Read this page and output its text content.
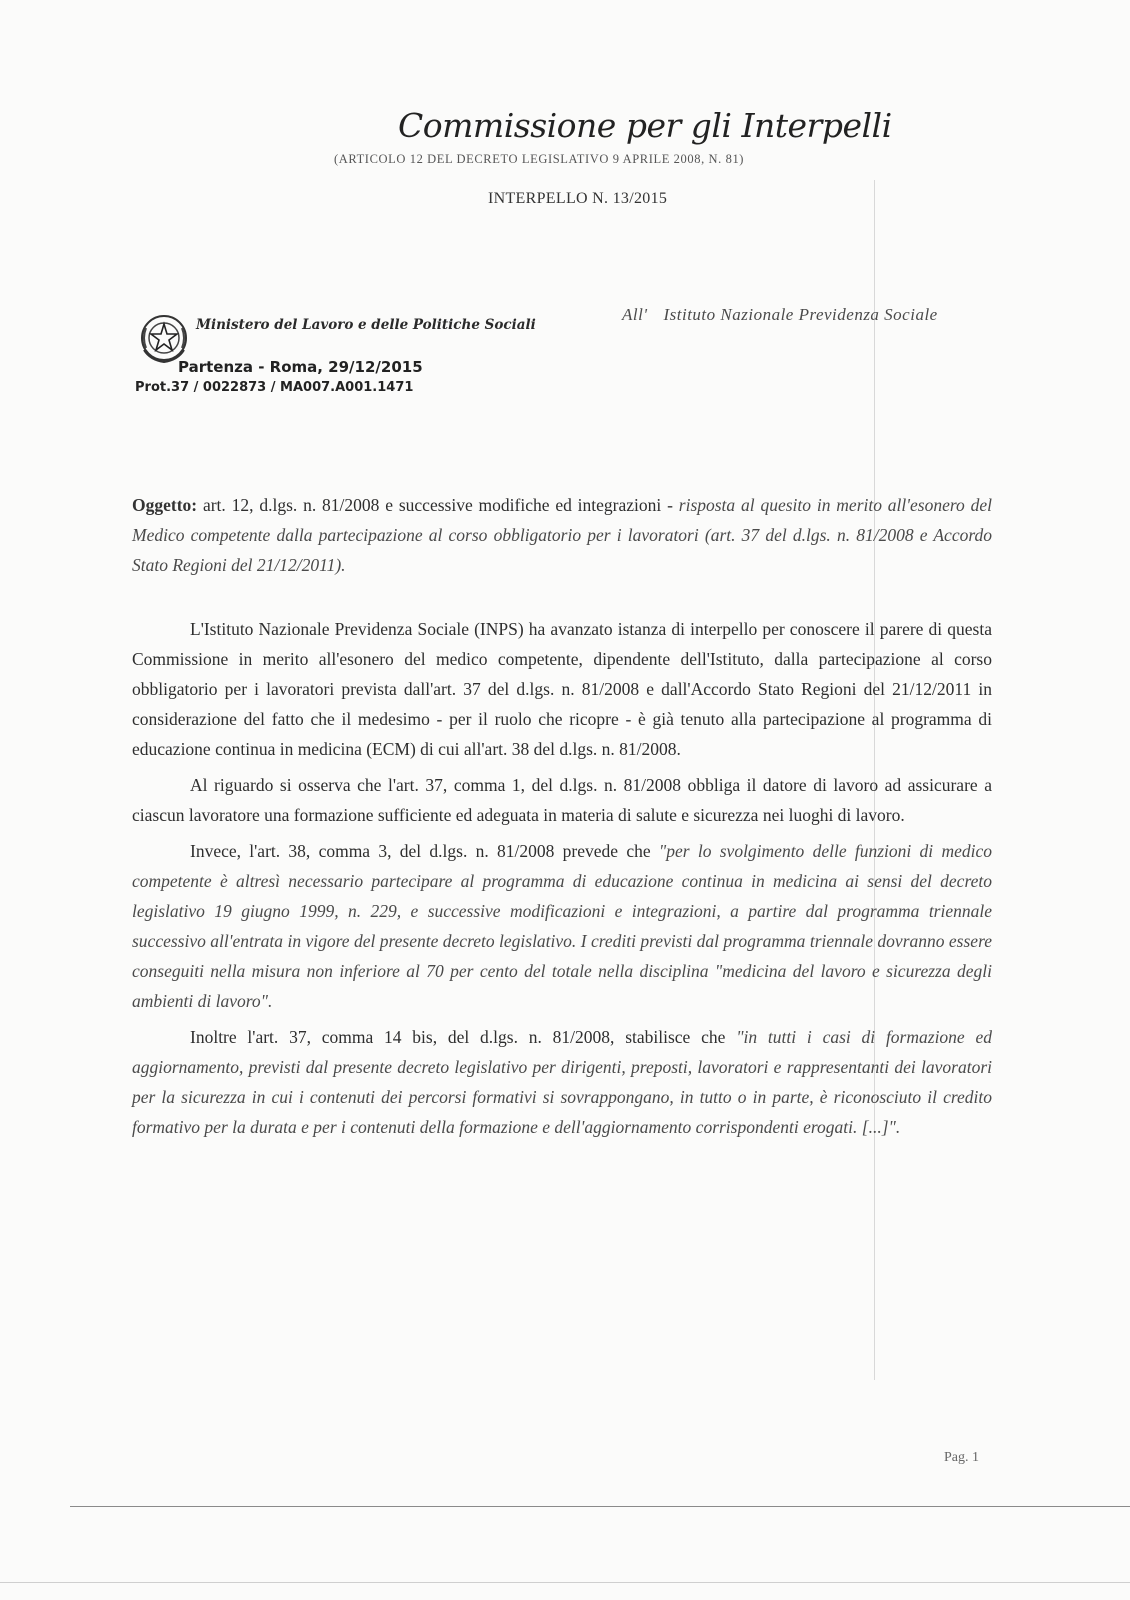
Commissione per gli Interpelli
(ARTICOLO 12 DEL DECRETO LEGISLATIVO 9 APRILE 2008, N. 81)
INTERPELLO N. 13/2015
Ministero del Lavoro e delle Politiche Sociali
Partenza - Roma, 29/12/2015
Prot.37 / 0022873 / MA007.A001.1471
All' Istituto Nazionale Previdenza Sociale

Oggetto: art. 12, d.lgs. n. 81/2008 e successive modifiche ed integrazioni - risposta al quesito in merito all'esonero del Medico competente dalla partecipazione al corso obbligatorio per i lavoratori (art. 37 del d.lgs. n. 81/2008 e Accordo Stato Regioni del 21/12/2011).

L'Istituto Nazionale Previdenza Sociale (INPS) ha avanzato istanza di interpello per conoscere il parere di questa Commissione in merito all'esonero del medico competente, dipendente dell'Istituto, dalla partecipazione al corso obbligatorio per i lavoratori prevista dall'art. 37 del d.lgs. n. 81/2008 e dall'Accordo Stato Regioni del 21/12/2011 in considerazione del fatto che il medesimo - per il ruolo che ricopre - è già tenuto alla partecipazione al programma di educazione continua in medicina (ECM) di cui all'art. 38 del d.lgs. n. 81/2008.

Al riguardo si osserva che l'art. 37, comma 1, del d.lgs. n. 81/2008 obbliga il datore di lavoro ad assicurare a ciascun lavoratore una formazione sufficiente ed adeguata in materia di salute e sicurezza nei luoghi di lavoro.

Invece, l'art. 38, comma 3, del d.lgs. n. 81/2008 prevede che "per lo svolgimento delle funzioni di medico competente è altresì necessario partecipare al programma di educazione continua in medicina ai sensi del decreto legislativo 19 giugno 1999, n. 229, e successive modificazioni e integrazioni, a partire dal programma triennale successivo all'entrata in vigore del presente decreto legislativo. I crediti previsti dal programma triennale dovranno essere conseguiti nella misura non inferiore al 70 per cento del totale nella disciplina "medicina del lavoro e sicurezza degli ambienti di lavoro".

Inoltre l'art. 37, comma 14 bis, del d.lgs. n. 81/2008, stabilisce che "in tutti i casi di formazione ed aggiornamento, previsti dal presente decreto legislativo per dirigenti, preposti, lavoratori e rappresentanti dei lavoratori per la sicurezza in cui i contenuti dei percorsi formativi si sovrappongano, in tutto o in parte, è riconosciuto il credito formativo per la durata e per i contenuti della formazione e dell'aggiornamento corrispondenti erogati. [...]".

Pag. 1
